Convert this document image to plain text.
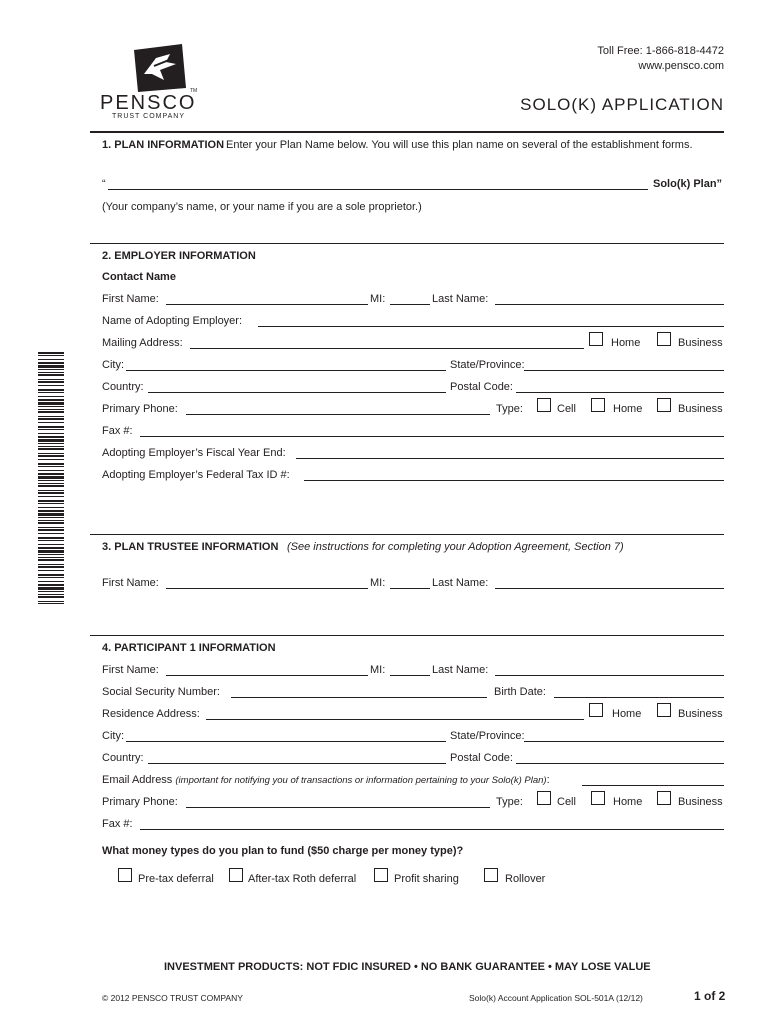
TM
PENSCO
TRUST COMPANY
Toll Free: 1-866-818-4472
www.pensco.com
SOLO(K) APPLICATION
1. PLAN INFORMATION Enter your Plan Name below. You will use this plan name on several of the establishment forms.
“	Solo(k) Plan”
(Your company’s name, or your name if you are a sole proprietor.)
2. EMPLOYER INFORMATION
Contact Name
First Name:	MI:	Last Name:
Name of Adopting Employer:
Mailing Address:	Home	Business
City:	State/Province:
Country:	Postal Code:
Primary Phone:	Type:	Cell	Home	Business
Fax #:
Adopting Employer’s Fiscal Year End:
Adopting Employer’s Federal Tax ID #:
3. PLAN TRUSTEE INFORMATION (See instructions for completing your Adoption Agreement, Section 7)
First Name:	MI:	Last Name:
4. PARTICIPANT 1 INFORMATION
First Name:	MI:	Last Name:
Social Security Number:	Birth Date:
Residence Address:	Home	Business
City:	State/Province:
Country:	Postal Code:
Email Address (important for notifying you of transactions or information pertaining to your Solo(k) Plan):
Primary Phone:	Type:	Cell	Home	Business
Fax #:
What money types do you plan to fund ($50 charge per money type)?
Pre-tax deferral	After-tax Roth deferral	Profit sharing	Rollover
INVESTMENT PRODUCTS: NOT FDIC INSURED • NO BANK GUARANTEE • MAY LOSE VALUE
© 2012 PENSCO TRUST COMPANY	Solo(k) Account Application SOL-501A (12/12)	1 of 2
